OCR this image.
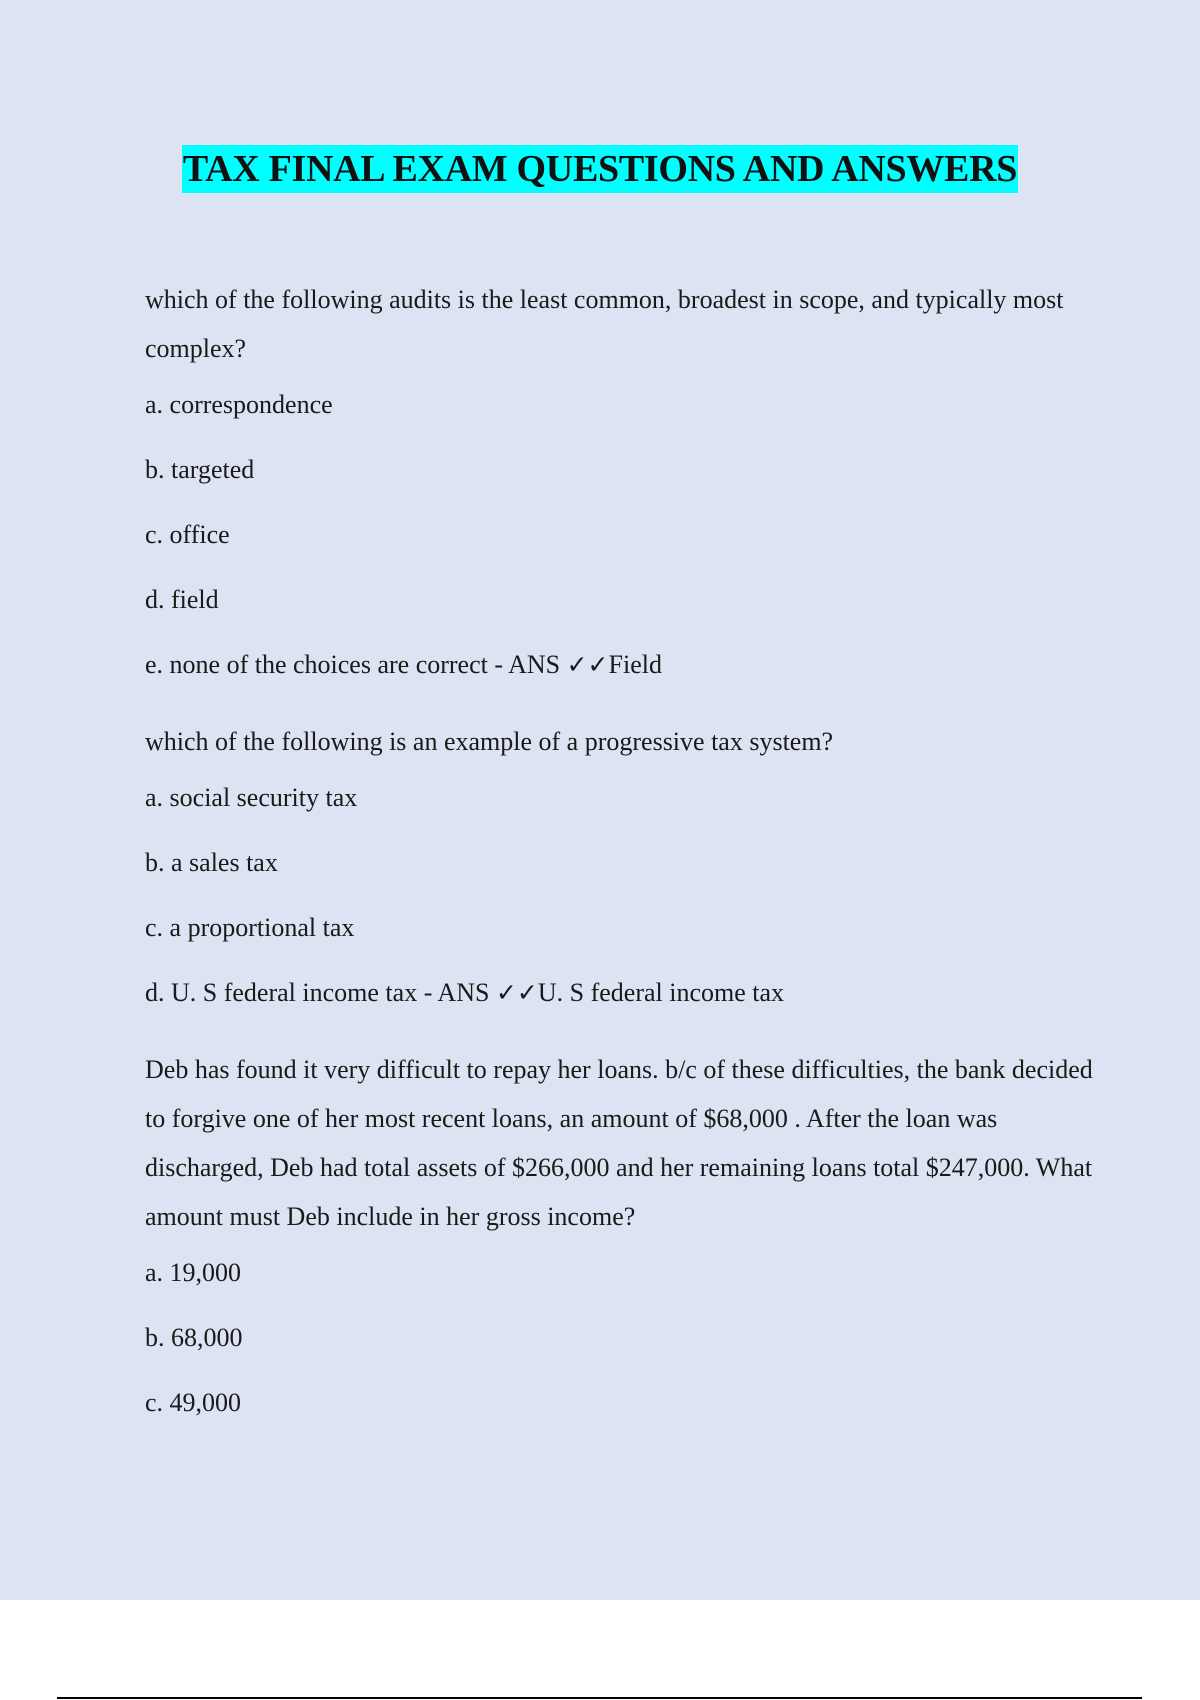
TAX FINAL EXAM QUESTIONS AND ANSWERS
which of the following audits is the least common, broadest in scope, and typically most complex?
a. correspondence
b. targeted
c. office
d. field
e. none of the choices are correct - ANS ✓✓Field
which of the following is an example of a progressive tax system?
a. social security tax
b. a sales tax
c. a proportional tax
d. U. S federal income tax - ANS ✓✓U. S federal income tax
Deb has found it very difficult to repay her loans. b/c of these difficulties, the bank decided to forgive one of her most recent loans, an amount of $68,000 . After the loan was discharged, Deb had total assets of $266,000 and her remaining loans total $247,000. What amount must Deb include in her gross income?
a. 19,000
b. 68,000
c. 49,000
